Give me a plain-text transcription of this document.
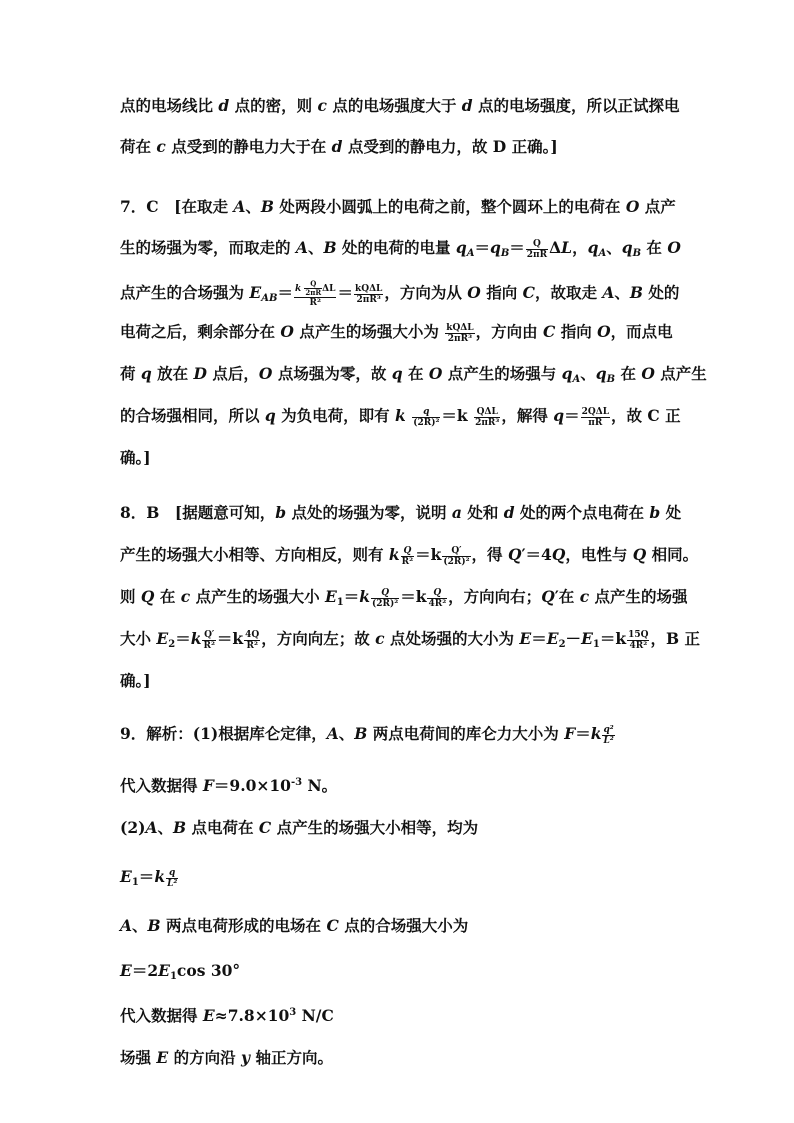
点的电场线比 d 点的密，则 c 点的电场强度大于 d 点的电场强度，所以正试探电
荷在 c 点受到的静电力大于在 d 点受到的静电力，故 D 正确。]
7．C　[在取走 A、B 处两段小圆弧上的电荷之前，整个圆环上的电荷在 O 点产
生的场强为零，而取走的 A、B 处的电荷的电量 $q_A=q_B= \frac{Q}{2\pi R}$ ΔL，$q_A$、$q_B$ 在 O
点产生的合场强为 $E_{AB}= \frac{k \frac{Q}{2\pi R} \Delta L}{\text{R²}} = \frac{\text{kQΔL}}{\text{2πR³}}$ ，方向为从 O 指向 C，故取走 A、B 处的
电荷之后，剩余部分在 O 点产生的场强大小为 $\frac{\text{kQΔL}}{\text{2πR³}}$ ，方向由 C 指向 O，而点电
荷 q 放在 D 点后，O 点场强为零，故 q 在 O 点产生的场强与 $q_A$、$q_B$ 在 O 点产生
的合场强相同，所以 q 为负电荷，即有 k $\frac{q}{\text{(2R)²}} =k \frac{\text{QΔL}}{\text{2πR³}}$ ，解得 $q= \frac{\text{2QΔL}}{\pi R}$ ，故 C 正
确。]
8．B　[据题意可知，b 点处的场强为零，说明 a 处和 d 处的两个点电荷在 b 处
产生的场强大小相等、方向相反，则有 k $\frac{Q}{\text{R²}} =k \frac{Q'}{\text{(2R)²}}$ ，得 Q′＝4Q，电性与 Q 相同。
则 Q 在 c 点产生的场强大小 $E_1=k \frac{Q}{\text{(2R)²}} =k \frac{Q}{\text{4R²}}$ ，方向向右；Q′在 c 点产生的场强
大小 $E_2=k \frac{Q'}{\text{R²}} =k \frac{4Q}{\text{R²}}$ ，方向向左；故 c 点处场强的大小为 $E=E_2-E_1=k \frac{15Q}{\text{4R²}}$ ，B 正
确。]
9．解析：(1)根据库仑定律，A、B 两点电荷间的库仑力大小为 $F=k \frac{\text{q²}}{\text{L²}}$
代入数据得 $F=9.0\times 10^{-3}$ N。
(2)A、B 点电荷在 C 点产生的场强大小相等，均为
$E_1=k \frac{q}{\text{L²}}$
A、B 两点电荷形成的电场在 C 点的合场强大小为
$E=2E_1\cos$ 30°
代入数据得 $E\approx 7.8\times 10^3$ N/C
场强 E 的方向沿 y 轴正方向。
